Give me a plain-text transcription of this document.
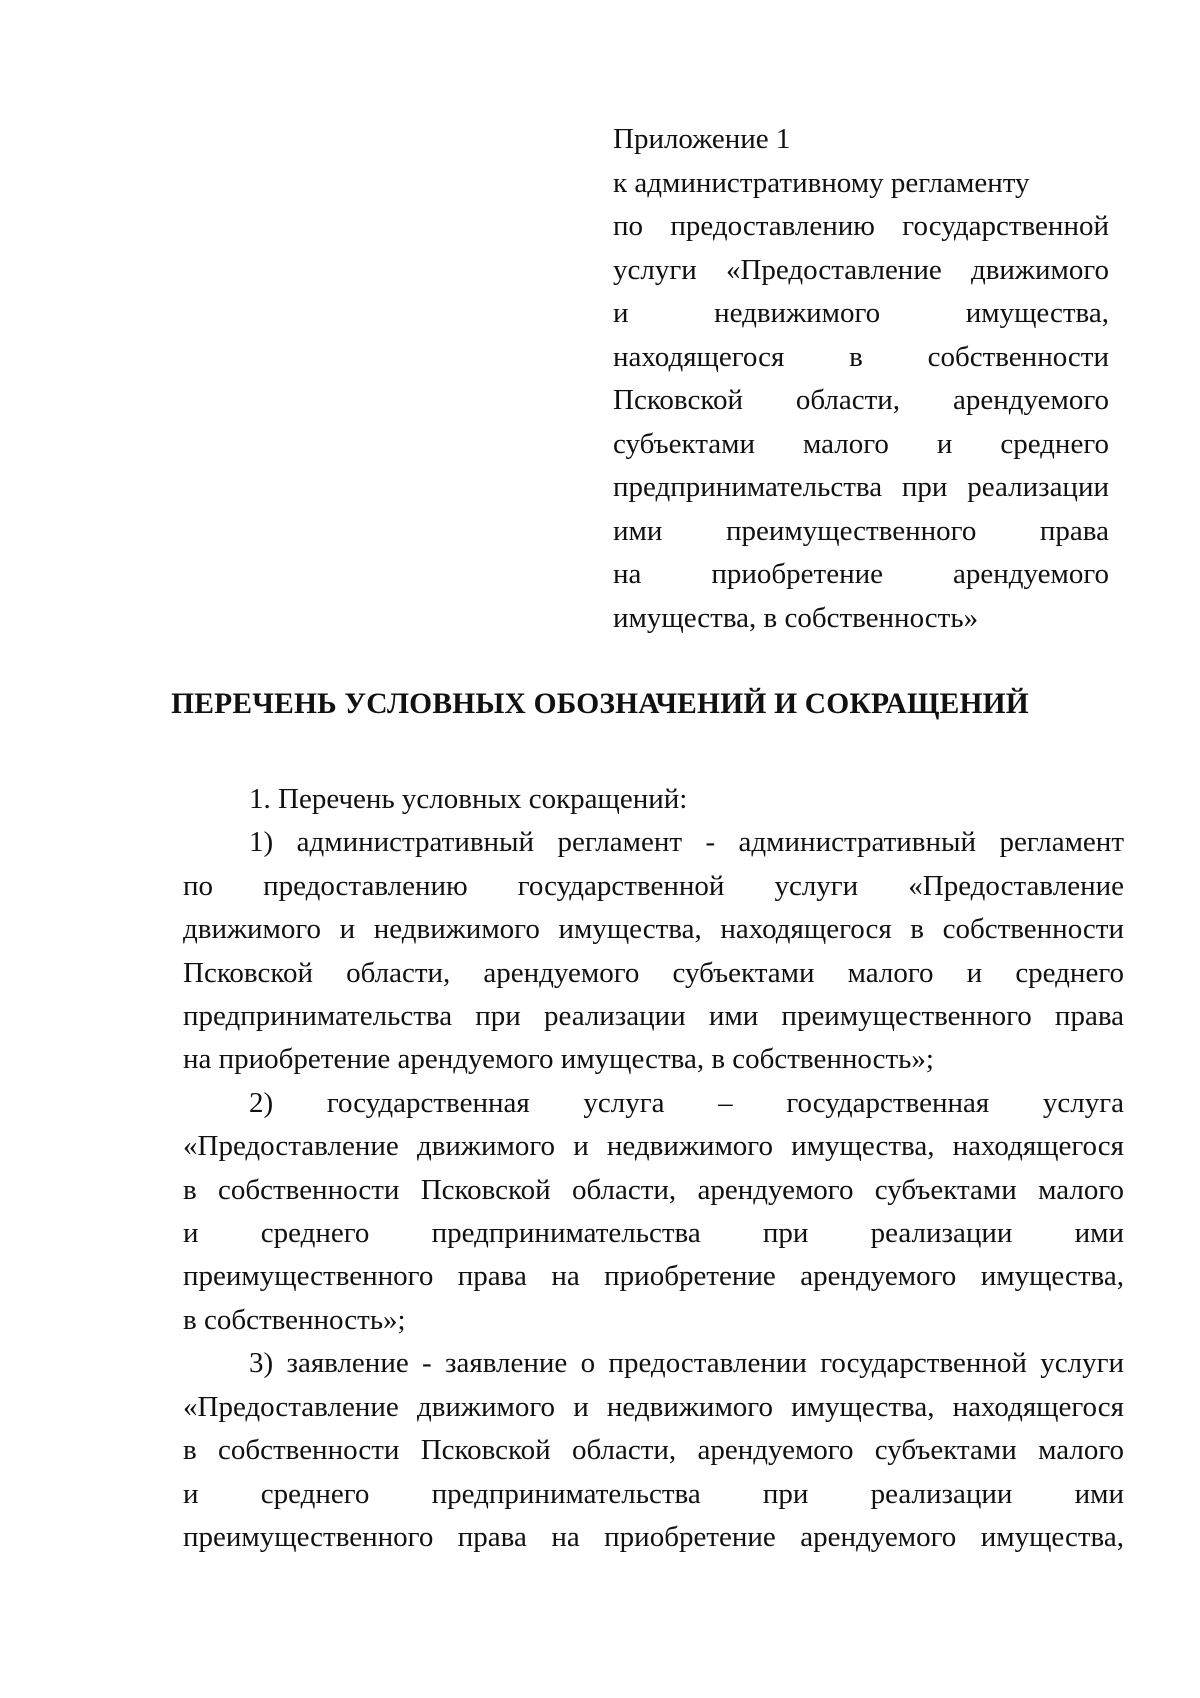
Приложение 1
к административному регламенту
по предоставлению государственной
услуги «Предоставление движимого
и недвижимого имущества,
находящегося в собственности
Псковской области, арендуемого
субъектами малого и среднего
предпринимательства при реализации
ими преимущественного права
на приобретение арендуемого
имущества, в собственность»
ПЕРЕЧЕНЬ УСЛОВНЫХ ОБОЗНАЧЕНИЙ И СОКРАЩЕНИЙ
1. Перечень условных сокращений:
1) административный регламент - административный регламент
по предоставлению государственной услуги «Предоставление
движимого и недвижимого имущества, находящегося в собственности
Псковской области, арендуемого субъектами малого и среднего
предпринимательства при реализации ими преимущественного права
на приобретение арендуемого имущества, в собственность»;
2) государственная услуга – государственная услуга
«Предоставление движимого и недвижимого имущества, находящегося
в собственности Псковской области, арендуемого субъектами малого
и среднего предпринимательства при реализации ими
преимущественного права на приобретение арендуемого имущества,
в собственность»;
3) заявление - заявление о предоставлении государственной услуги
«Предоставление движимого и недвижимого имущества, находящегося
в собственности Псковской области, арендуемого субъектами малого
и среднего предпринимательства при реализации ими
преимущественного права на приобретение арендуемого имущества,
